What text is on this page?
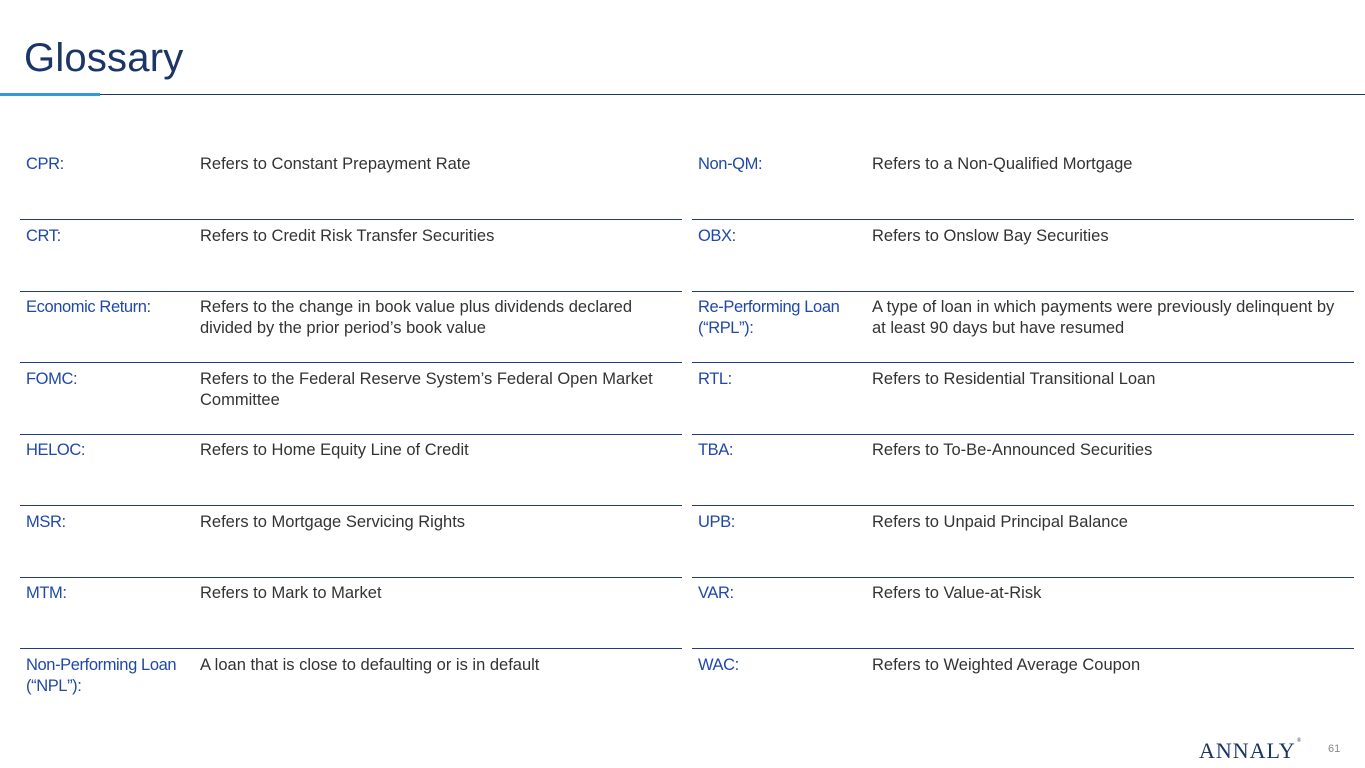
Glossary
CPR:	Refers to Constant Prepayment Rate
CRT:	Refers to Credit Risk Transfer Securities
Economic Return:	Refers to the change in book value plus dividends declared divided by the prior period’s book value
FOMC:	Refers to the Federal Reserve System’s Federal Open Market Committee
HELOC:	Refers to Home Equity Line of Credit
MSR:	Refers to Mortgage Servicing Rights
MTM:	Refers to Mark to Market
Non-Performing Loan (“NPL”):
A loan that is close to defaulting or is in default
Non-QM:	Refers to a Non-Qualified Mortgage
OBX:	Refers to Onslow Bay Securities
Re-Performing Loan (“RPL”):
A type of loan in which payments were previously delinquent by at least 90 days but have resumed
RTL:	Refers to Residential Transitional Loan
TBA:	Refers to To-Be-Announced Securities
UPB:	Refers to Unpaid Principal Balance
VAR:	Refers to Value-at-Risk
WAC:	Refers to Weighted Average Coupon
ANNALY®
61
